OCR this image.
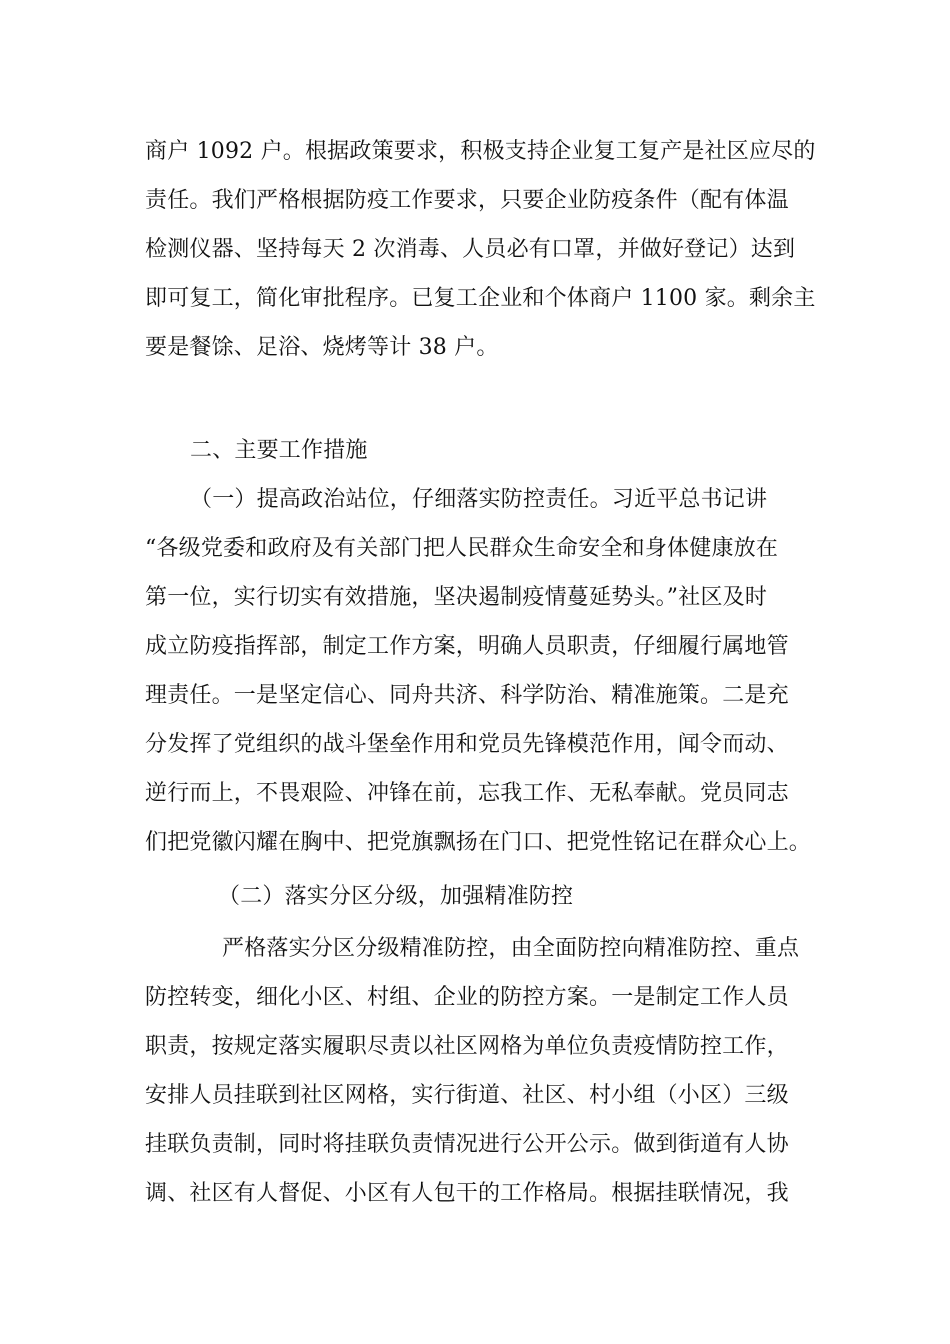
商户 1092 户。根据政策要求，积极支持企业复工复产是社区应尽的
责任。我们严格根据防疫工作要求，只要企业防疫条件（配有体温
检测仪器、坚持每天 2 次消毒、人员必有口罩，并做好登记）达到
即可复工，简化审批程序。已复工企业和个体商户 1100 家。剩余主
要是餐馀、足浴、烧烤等计 38 户。
二、主要工作措施
（一）提高政治站位，仔细落实防控责任。习近平总书记讲
“各级党委和政府及有关部门把人民群众生命安全和身体健康放在
第一位，实行切实有效措施，坚决遏制疫情蔓延势头。”社区及时
成立防疫指挥部，制定工作方案，明确人员职责，仔细履行属地管
理责任。一是坚定信心、同舟共济、科学防治、精准施策。二是充
分发挥了党组织的战斗堡垒作用和党员先锋模范作用，闻令而动、
逆行而上，不畏艰险、冲锋在前，忘我工作、无私奉献。党员同志
们把党徽闪耀在胸中、把党旗飘扬在门口、把党性铭记在群众心上。
（二）落实分区分级，加强精准防控
严格落实分区分级精准防控，由全面防控向精准防控、重点
防控转变，细化小区、村组、企业的防控方案。一是制定工作人员
职责，按规定落实履职尽责以社区网格为单位负责疫情防控工作，
安排人员挂联到社区网格，实行街道、社区、村小组（小区）三级
挂联负责制，同时将挂联负责情况进行公开公示。做到街道有人协
调、社区有人督促、小区有人包干的工作格局。根据挂联情况，我
